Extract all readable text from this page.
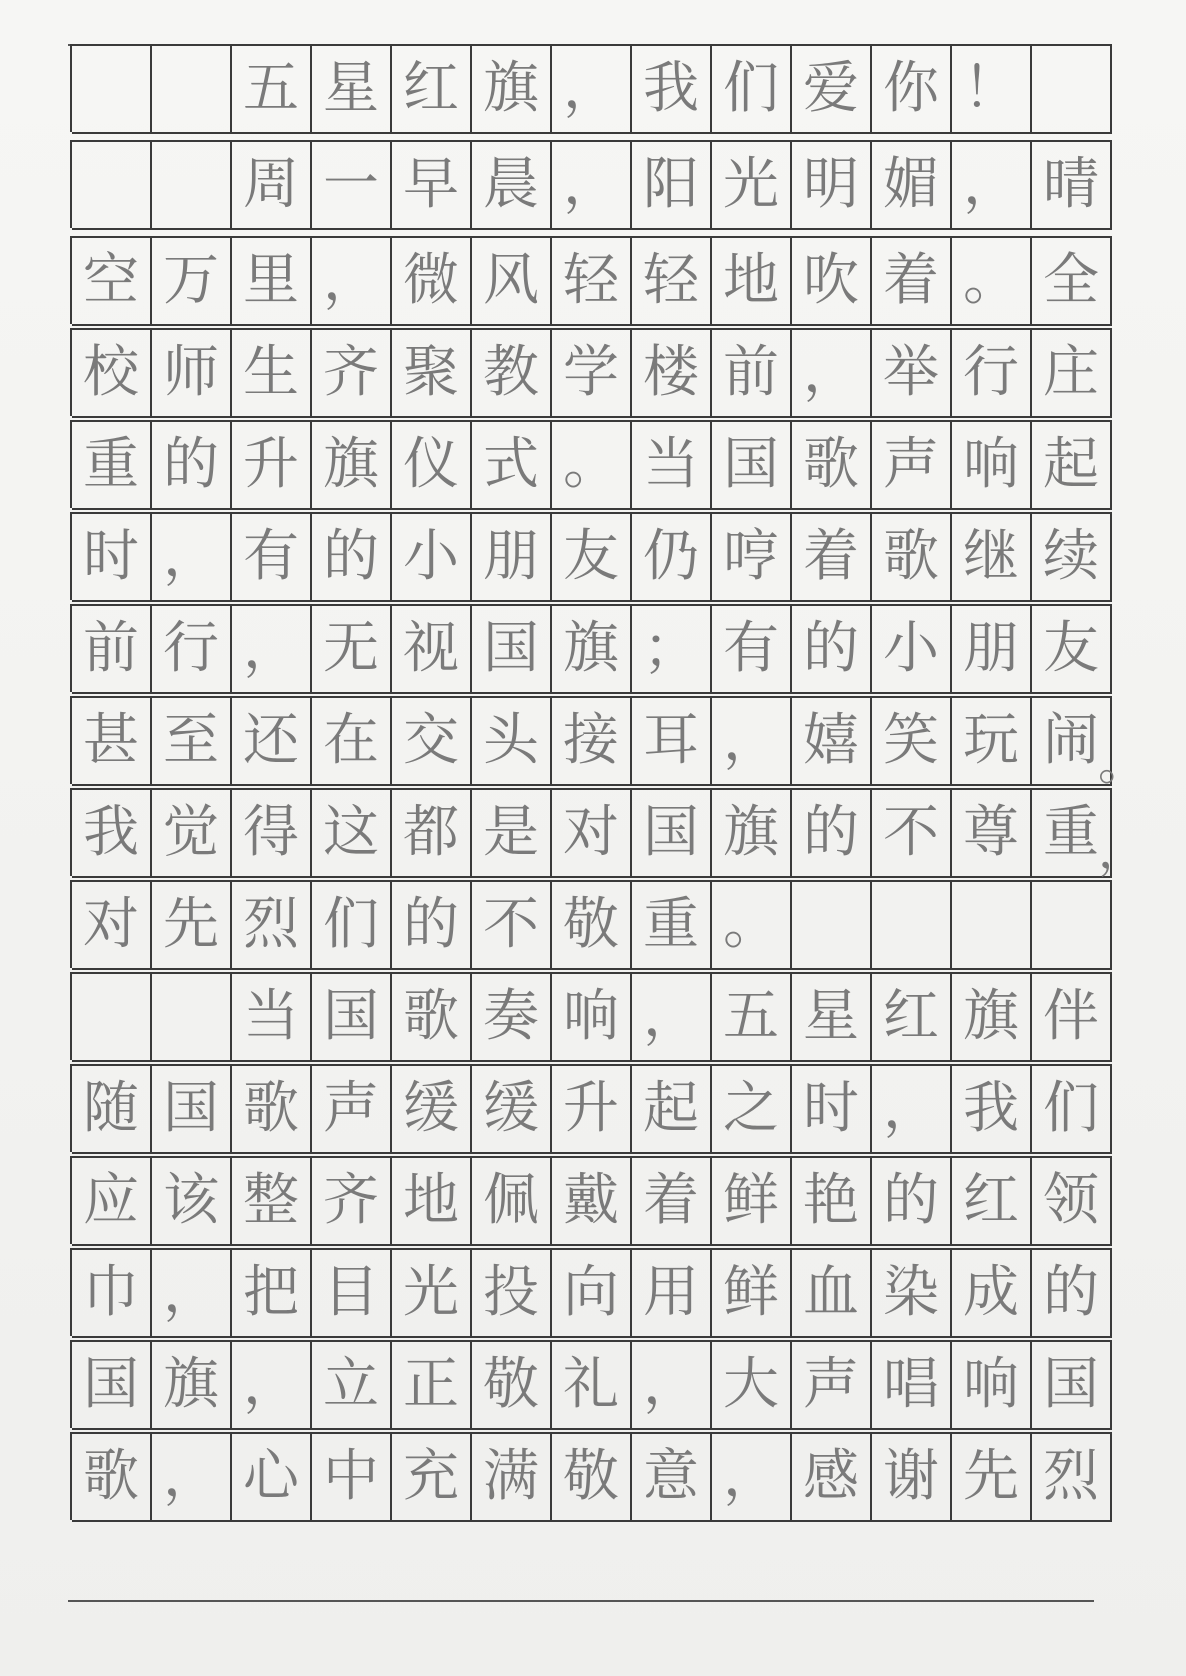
五 星 红 旗 ， 我 们 爱 你 ！
周 一 早 晨 ， 阳 光 明 媚 ， 晴
空 万 里 ， 微 风 轻 轻 地 吹 着 。 全
校 师 生 齐 聚 教 学 楼 前 ， 举 行 庄
重 的 升 旗 仪 式 。 当 国 歌 声 响 起
时 ， 有 的 小 朋 友 仍 哼 着 歌 继 续
前 行 ， 无 视 国 旗 ； 有 的 小 朋 友
甚 至 还 在 交 头 接 耳 ， 嬉 笑 玩 闹
我 觉 得 这 都 是 对 国 旗 的 不 尊 重
对 先 烈 们 的 不 敬 重 。
当 国 歌 奏 响 ， 五 星 红 旗 伴
随 国 歌 声 缓 缓 升 起 之 时 ， 我 们
应 该 整 齐 地 佩 戴 着 鲜 艳 的 红 领
巾 ， 把 目 光 投 向 用 鲜 血 染 成 的
国 旗 ， 立 正 敬 礼 ， 大 声 唱 响 国
歌 ， 心 中 充 满 敬 意 ， 感 谢 先 烈
。
，
